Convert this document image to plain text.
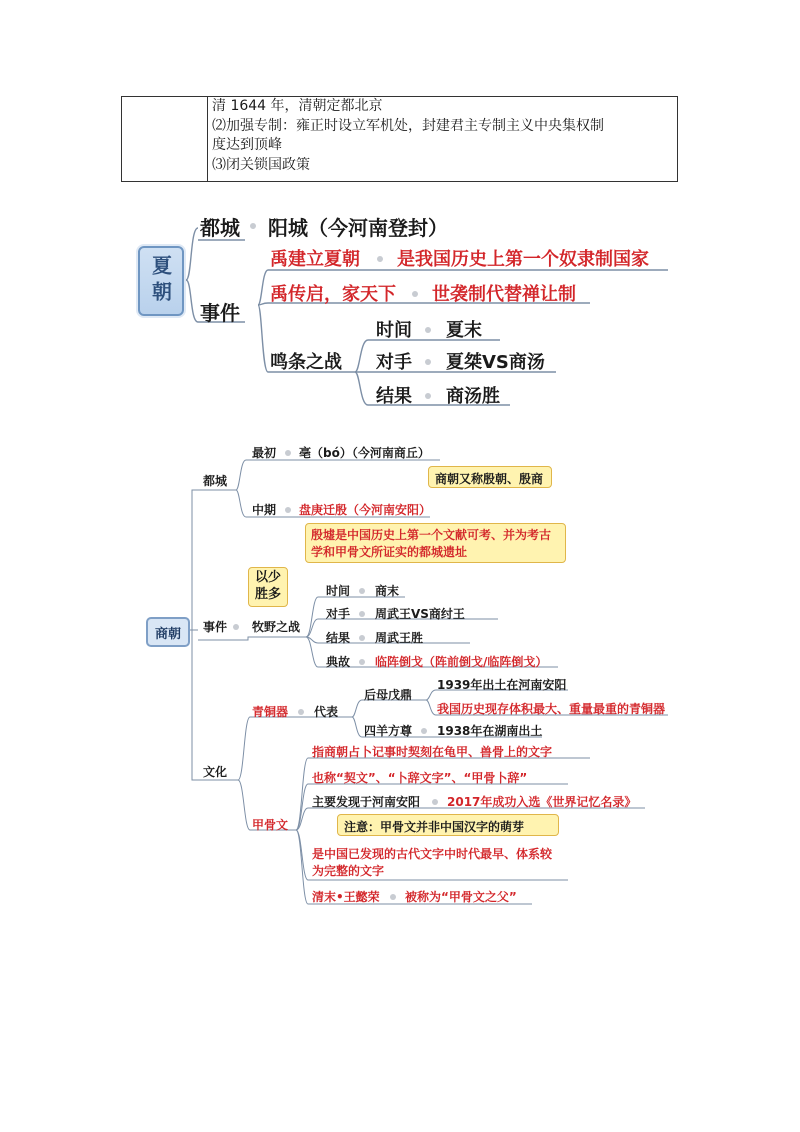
清 1644 年，清朝定都北京
⑵加强专制：雍正时设立军机处，封建君主专制主义中央集权制
度达到顶峰
⑶闭关锁国政策
夏朝
都城 阳城（今河南登封）
事件
禹建立夏朝 是我国历史上第一个奴隶制国家
禹传启，家天下 世袭制代替禅让制
鸣条之战
时间 夏末
对手 夏桀VS商汤
结果 商汤胜
商朝
都城
最初 亳（bó）（今河南商丘）
商朝又称殷朝、殷商
中期 盘庚迁殷（今河南安阳）
殷墟是中国历史上第一个文献可考、并为考古
学和甲骨文所证实的都城遗址
事件
以少
胜多
牧野之战
时间 商末
对手 周武王VS商纣王
结果 周武王胜
典故 临阵倒戈（阵前倒戈/临阵倒戈）
文化
青铜器 代表
后母戊鼎
1939年出土在河南安阳
我国历史现存体积最大、重量最重的青铜器
四羊方尊 1938年在湖南出土
甲骨文
指商朝占卜记事时契刻在龟甲、兽骨上的文字
也称“契文”、“卜辞文字”、“甲骨卜辞”
主要发现于河南安阳 2017年成功入选《世界记忆名录》
注意：甲骨文并非中国汉字的萌芽
是中国已发现的古代文字中时代最早、体系较
为完整的文字
清末•王懿荣 被称为“甲骨文之父”
